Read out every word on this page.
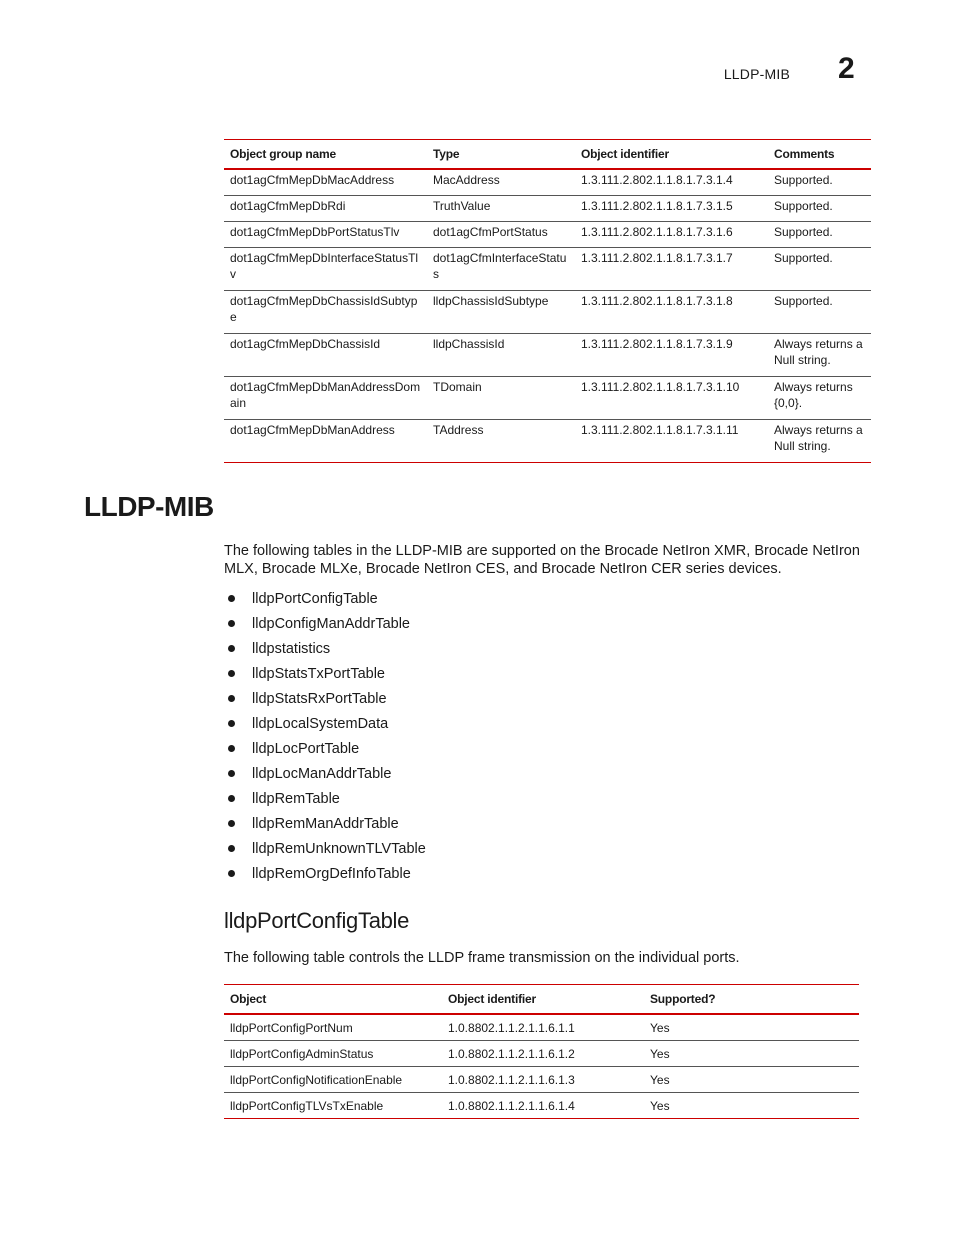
LLDP-MIB 2
Object group name	Type	Object identifier	Comments
dot1agCfmMepDbMacAddress	MacAddress	1.3.111.2.802.1.1.8.1.7.3.1.4	Supported.
dot1agCfmMepDbRdi	TruthValue	1.3.111.2.802.1.1.8.1.7.3.1.5	Supported.
dot1agCfmMepDbPortStatusTlv	dot1agCfmPortStatus	1.3.111.2.802.1.1.8.1.7.3.1.6	Supported.
dot1agCfmMepDbInterfaceStatusTlv	dot1agCfmInterfaceStatus	1.3.111.2.802.1.1.8.1.7.3.1.7	Supported.
dot1agCfmMepDbChassisIdSubtype	lldpChassisIdSubtype	1.3.111.2.802.1.1.8.1.7.3.1.8	Supported.
dot1agCfmMepDbChassisId	lldpChassisId	1.3.111.2.802.1.1.8.1.7.3.1.9	Always returns a Null string.
dot1agCfmMepDbManAddressDomain	TDomain	1.3.111.2.802.1.1.8.1.7.3.1.10	Always returns {0,0}.
dot1agCfmMepDbManAddress	TAddress	1.3.111.2.802.1.1.8.1.7.3.1.11	Always returns a Null string.
LLDP-MIB

The following tables in the LLDP-MIB are supported on the Brocade NetIron XMR, Brocade NetIron MLX, Brocade MLXe, Brocade NetIron CES, and Brocade NetIron CER series devices.

lldpPortConfigTable
lldpConfigManAddrTable
lldpstatistics
lldpStatsTxPortTable
lldpStatsRxPortTable
lldpLocalSystemData
lldpLocPortTable
lldpLocManAddrTable
lldpRemTable
lldpRemManAddrTable
lldpRemUnknownTLVTable
lldpRemOrgDefInfoTable
lldpPortConfigTable

The following table controls the LLDP frame transmission on the individual ports.

Object	Object identifier	Supported?
lldpPortConfigPortNum	1.0.8802.1.1.2.1.1.6.1.1	Yes
lldpPortConfigAdminStatus	1.0.8802.1.1.2.1.1.6.1.2	Yes
lldpPortConfigNotificationEnable	1.0.8802.1.1.2.1.1.6.1.3	Yes
lldpPortConfigTLVsTxEnable	1.0.8802.1.1.2.1.1.6.1.4	Yes
